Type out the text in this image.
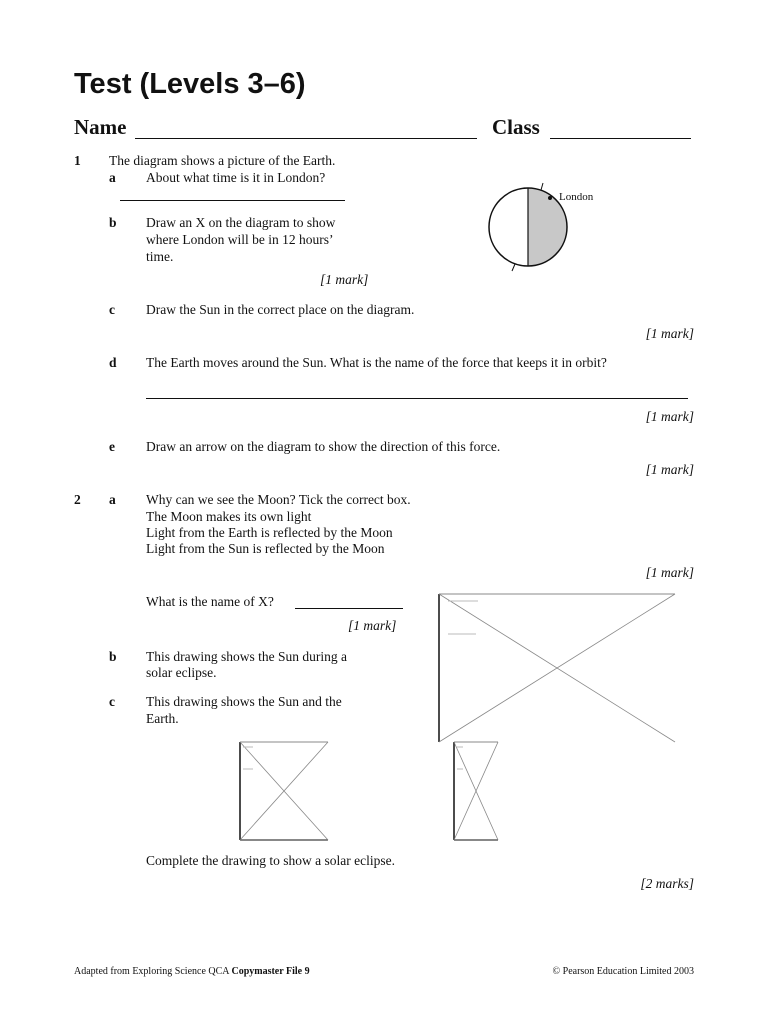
Test (Levels 3–6)
Name	Class
1 The diagram shows a picture of the Earth.
a About what time is it in London?
b Draw an X on the diagram to show
where London will be in 12 hours’
time.
[1 mark]
London
c Draw the Sun in the correct place on the diagram.
[1 mark]
d The Earth moves around the Sun. What is the name of the force that keeps it in orbit?
[1 mark]
e Draw an arrow on the diagram to show the direction of this force.
[1 mark]
2 a Why can we see the Moon? Tick the correct box.
The Moon makes its own light
Light from the Earth is reflected by the Moon
Light from the Sun is reflected by the Moon
[1 mark]
What is the name of X?
[1 mark]
b This drawing shows the Sun during a
solar eclipse.
c This drawing shows the Sun and the
Earth.
Complete the drawing to show a solar eclipse.
[2 marks]
Adapted from Exploring Science QCA Copymaster File 9	© Pearson Education Limited 2003
